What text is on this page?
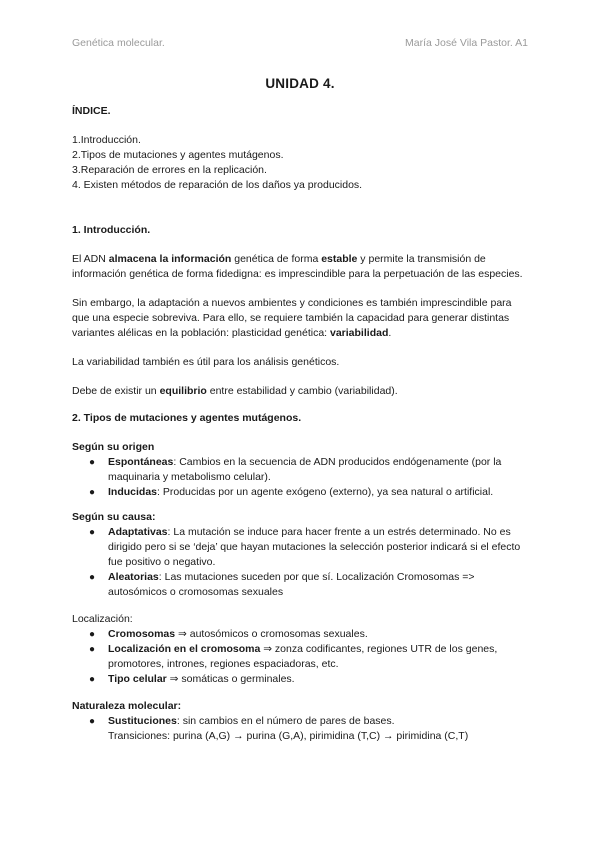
Genética molecular.	María José Vila Pastor. A1
UNIDAD 4.

ÍNDICE.

1.Introducción.

2.Tipos de mutaciones y agentes mutágenos.

3.Reparación de errores en la replicación.

4. Existen métodos de reparación de los daños ya producidos.

1. Introducción.

El ADN almacena la información genética de forma estable y permite la transmisión de información genética de forma fidedigna: es imprescindible para la perpetuación de las especies.

Sin embargo, la adaptación a nuevos ambientes y condiciones es también imprescindible para que una especie sobreviva. Para ello, se requiere también la capacidad para generar distintas variantes alélicas en la población: plasticidad genética: variabilidad.

La variabilidad también es útil para los análisis genéticos.

Debe de existir un equilibrio entre estabilidad y cambio (variabilidad).

2. Tipos de mutaciones y agentes mutágenos.

Según su origen

● Espontáneas: Cambios en la secuencia de ADN producidos endógenamente (por la maquinaria y metabolismo celular).
● Inducidas: Producidas por un agente exógeno (externo), ya sea natural o artificial.

Según su causa:

● Adaptativas: La mutación se induce para hacer frente a un estrés determinado. No es dirigido pero si se ‘deja’ que hayan mutaciones la selección posterior indicará si el efecto fue positivo o negativo.
● Aleatorias: Las mutaciones suceden por que sí. Localización Cromosomas => autosómicos o cromosomas sexuales

Localización:

● Cromosomas ⇒ autosómicos o cromosomas sexuales.
● Localización en el cromosoma ⇒ zonza codificantes, regiones UTR de los genes, promotores, intrones, regiones espaciadoras, etc.
● Tipo celular ⇒ somáticas o germinales.

Naturaleza molecular:

● Sustituciones: sin cambios en el número de pares de bases.
Transiciones: purina (A,G) → purina (G,A), pirimidina (T,C) → pirimidina (C,T)
